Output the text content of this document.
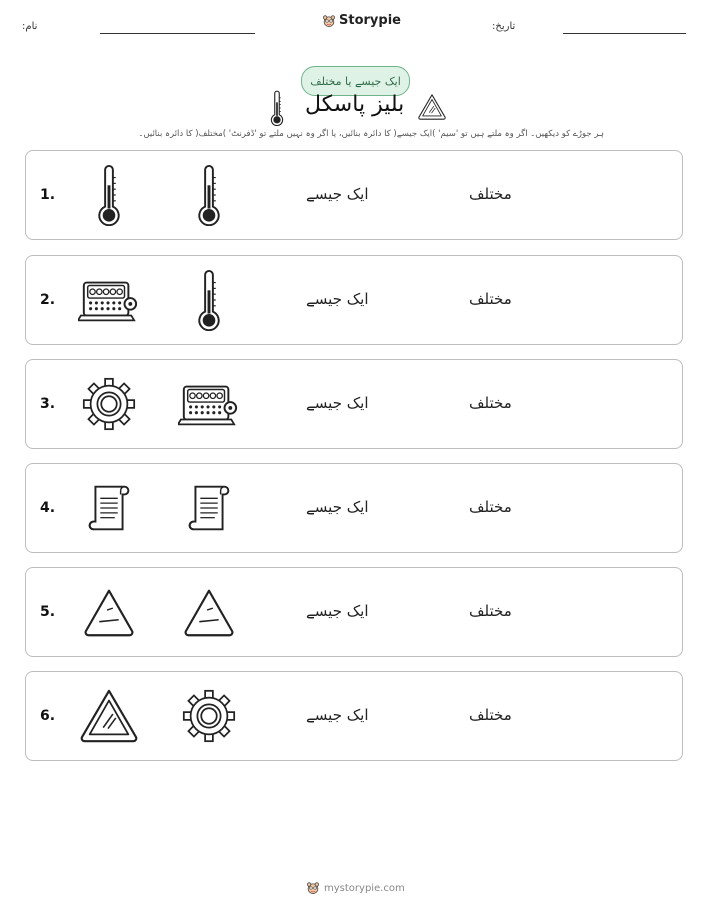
:نام	Storypie	:تاریخ
ایک جیسے یا مختلف
بلیز پاسکل
ہر جوڑے کو دیکھیں۔ اگر وہ ملتے ہیں تو 'سیم' )ایک جیسے( کا دائرہ بنائیں، یا اگر وہ نہیں ملتے تو 'ڈفرنٹ' )مختلف( کا دائرہ بنائیں۔
1.	ایک جیسے	مختلف
2.	ایک جیسے	مختلف
3.	ایک جیسے	مختلف
4.	ایک جیسے	مختلف
5.	ایک جیسے	مختلف
6.	ایک جیسے	مختلف
mystorypie.com
